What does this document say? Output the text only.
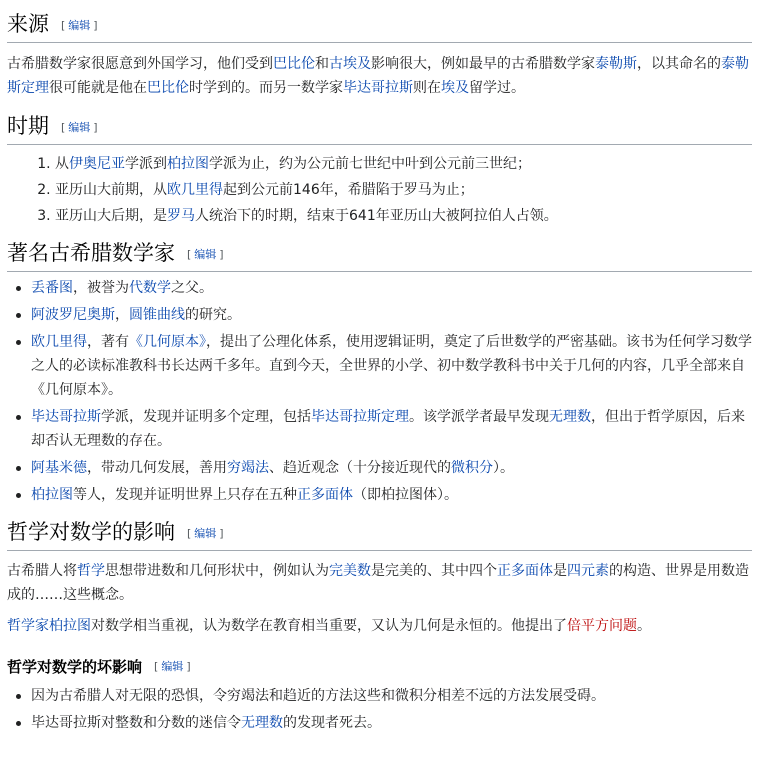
来源 [ 编辑 ]

古希腊数学家很愿意到外国学习，他们受到巴比伦和古埃及影响很大，例如最早的古希腊数学家泰勒斯，以其命名的泰勒斯定理很可能就是他在巴比伦时学到的。而另一数学家毕达哥拉斯则在埃及留学过。

时期 [ 编辑 ]
1. 从伊奥尼亚学派到柏拉图学派为止，约为公元前七世纪中叶到公元前三世纪；
2. 亚历山大前期，从欧几里得起到公元前146年，希腊陷于罗马为止；
3. 亚历山大后期，是罗马人统治下的时期，结束于641年亚历山大被阿拉伯人占领。
著名古希腊数学家 [ 编辑 ]
丢番图，被誉为代数学之父。
阿波罗尼奥斯，圆锥曲线的研究。
欧几里得，著有《几何原本》，提出了公理化体系，使用逻辑证明，奠定了后世数学的严密基础。该书为任何学习数学之人的必读标准教科书长达两千多年。直到今天，全世界的小学、初中数学教科书中关于几何的内容，几乎全部来自《几何原本》。
毕达哥拉斯学派，发现并证明多个定理，包括毕达哥拉斯定理。该学派学者最早发现无理数，但出于哲学原因，后来却否认无理数的存在。
阿基米德，带动几何发展，善用穷竭法、趋近观念（十分接近现代的微积分）。
柏拉图等人，发现并证明世界上只存在五种正多面体（即柏拉图体）。
哲学对数学的影响 [ 编辑 ]

古希腊人将哲学思想带进数和几何形状中，例如认为完美数是完美的、其中四个正多面体是四元素的构造、世界是用数造成的……这些概念。

哲学家柏拉图对数学相当重视，认为数学在教育相当重要，又认为几何是永恒的。他提出了倍平方问题。

哲学对数学的坏影响 [ 编辑 ]
因为古希腊人对无限的恐惧，令穷竭法和趋近的方法这些和微积分相差不远的方法发展受碍。
毕达哥拉斯对整数和分数的迷信令无理数的发现者死去。
